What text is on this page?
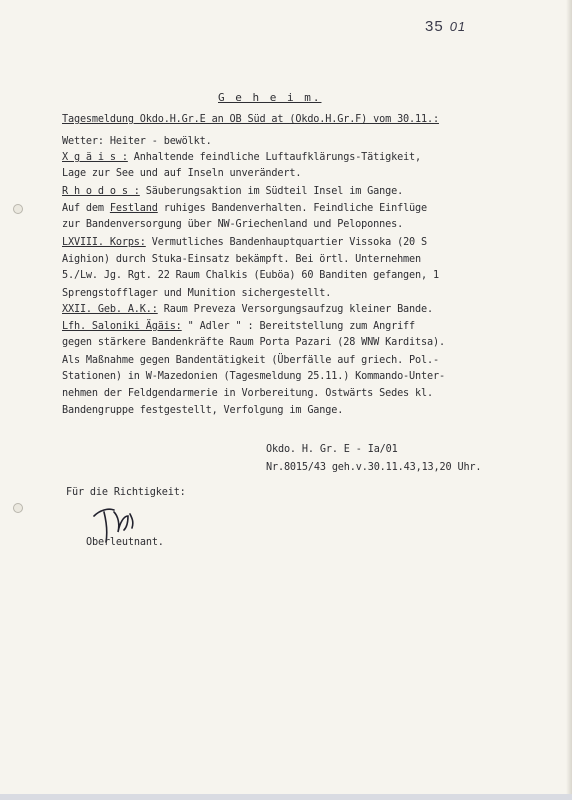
35 01
G e h e i m.
Tagesmeldung Okdo.H.Gr.E an OB Süd at (Okdo.H.Gr.F) vom 30.11.:
Wetter: Heiter - bewölkt.
X g ä i s : Anhaltende feindliche Luftaufklärungs-Tätigkeit,
Lage zur See und auf Inseln unverändert.
R h o d o s : Säuberungsaktion im Südteil Insel im Gange.
Auf dem Festland ruhiges Bandenverhalten. Feindliche Einflüge
zur Bandenversorgung über NW-Griechenland und Peloponnes.
LXVIII. Korps: Vermutliches Bandenhauptquartier Vissoka (20 S
Aighion) durch Stuka-Einsatz bekämpft. Bei örtl. Unternehmen
5./Lw. Jg. Rgt. 22 Raum Chalkis (Euböa) 60 Banditen gefangen, 1
Sprengstofflager und Munition sichergestellt.
XXII. Geb. A.K.: Raum Preveza Versorgungsaufzug kleiner Bande.
Lfh. Saloniki Ägäis: " Adler " : Bereitstellung zum Angriff
gegen stärkere Bandenkräfte Raum Porta Pazari (28 WNW Karditsa).
Als Maßnahme gegen Bandentätigkeit (Überfälle auf griech. Pol.-
Stationen) in W-Mazedonien (Tagesmeldung 25.11.) Kommando-Unter-
nehmen der Feldgendarmerie in Vorbereitung. Ostwärts Sedes kl.
Bandengruppe festgestellt, Verfolgung im Gange.
Okdo. H. Gr. E - Ia/01
Nr.8015/43 geh.v.30.11.43,13,20 Uhr.
Für die Richtigkeit:
Oberleutnant.
